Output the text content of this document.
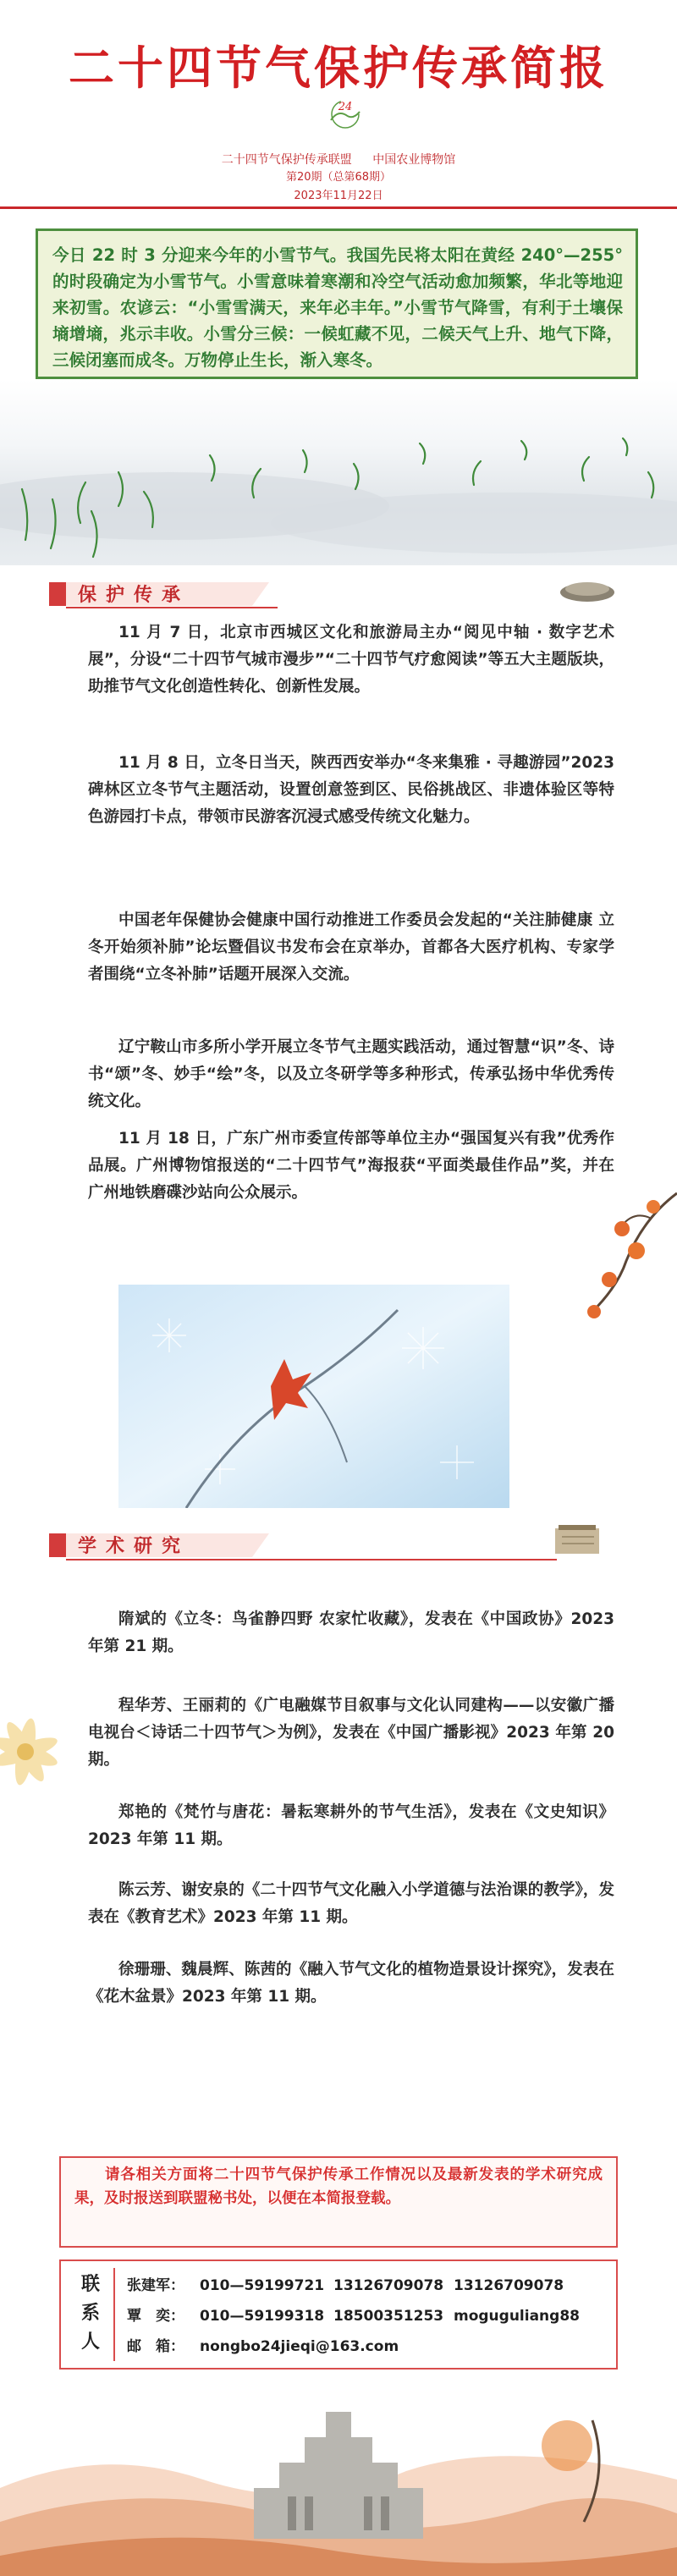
二十四节气保护传承简报
24
二十四节气保护传承联盟 中国农业博物馆
第20期（总第68期）
2023年11月22日
今日 22 时 3 分迎来今年的小雪节气。我国先民将太阳在黄经 240°—255°的时段确定为小雪节气。小雪意味着寒潮和冷空气活动愈加频繁，华北等地迎来初雪。农谚云：“小雪雪满天，来年必丰年。”小雪节气降雪，有利于土壤保墒增墒，兆示丰收。小雪分三候：一候虹藏不见，二候天气上升、地气下降，三候闭塞而成冬。万物停止生长，渐入寒冬。
保护传承
11 月 7 日，北京市西城区文化和旅游局主办“阅见中轴 · 数字艺术展”，分设“二十四节气城市漫步”“二十四节气疗愈阅读”等五大主题版块，助推节气文化创造性转化、创新性发展。
11 月 8 日，立冬日当天，陕西西安举办“冬来集雅 · 寻趣游园”2023 碑林区立冬节气主题活动，设置创意签到区、民俗挑战区、非遗体验区等特色游园打卡点，带领市民游客沉浸式感受传统文化魅力。
中国老年保健协会健康中国行动推进工作委员会发起的“关注肺健康 立冬开始须补肺”论坛暨倡议书发布会在京举办，首都各大医疗机构、专家学者围绕“立冬补肺”话题开展深入交流。
辽宁鞍山市多所小学开展立冬节气主题实践活动，通过智慧“识”冬、诗书“颂”冬、妙手“绘”冬，以及立冬研学等多种形式，传承弘扬中华优秀传统文化。
11 月 18 日，广东广州市委宣传部等单位主办“强国复兴有我”优秀作品展。广州博物馆报送的“二十四节气”海报获“平面类最佳作品”奖，并在广州地铁磨碟沙站向公众展示。
学术研究
隋斌的《立冬：鸟雀静四野 农家忙收藏》，发表在《中国政协》2023 年第 21 期。
程华芳、王丽莉的《广电融媒节目叙事与文化认同建构——以安徽广播电视台＜诗话二十四节气＞为例》，发表在《中国广播影视》2023 年第 20 期。
郑艳的《梵竹与唐花：暑耘寒耕外的节气生活》，发表在《文史知识》2023 年第 11 期。
陈云芳、谢安泉的《二十四节气文化融入小学道德与法治课的教学》，发表在《教育艺术》2023 年第 11 期。
徐珊珊、魏晨辉、陈茜的《融入节气文化的植物造景设计探究》，发表在《花木盆景》2023 年第 11 期。
请各相关方面将二十四节气保护传承工作情况以及最新发表的学术研究成果，及时报送到联盟秘书处，以便在本简报登载。
联系人
张建军： 010—59199721 13126709078 13126709078
覃　奕： 010—59199318 18500351253 moguguliang88
邮　箱： nongbo24jieqi@163.com
